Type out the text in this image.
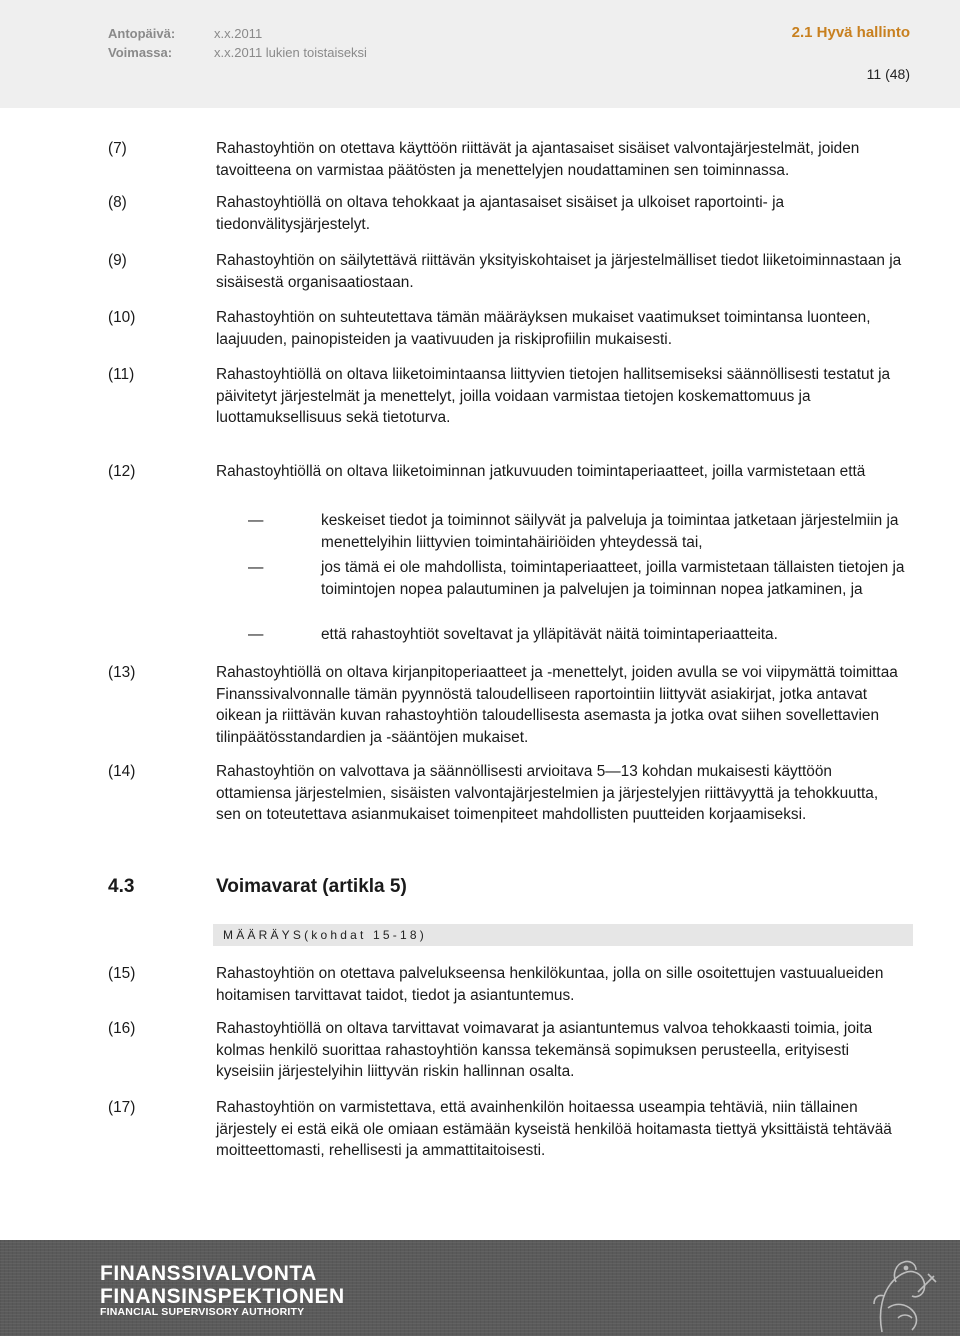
Antopäivä:	x.x.2011
Voimassa:	x.x.2011 lukien toistaiseksi
2.1 Hyvä hallinto
11 (48)
(7)	Rahastoyhtiön on otettava käyttöön riittävät ja ajantasaiset sisäiset valvontajärjestelmät, joiden tavoitteena on varmistaa päätösten ja menettelyjen noudattaminen sen toiminnassa.
(8)	Rahastoyhtiöllä on oltava tehokkaat ja ajantasaiset sisäiset ja ulkoiset raportointi- ja tiedonvälitysjärjestelyt.
(9)	Rahastoyhtiön on säilytettävä riittävän yksityiskohtaiset ja järjestelmälliset tiedot liiketoiminnastaan ja sisäisestä organisaatiostaan.
(10)	Rahastoyhtiön on suhteutettava tämän määräyksen mukaiset vaatimukset toimintansa luonteen, laajuuden, painopisteiden ja vaativuuden ja riskiprofiilin mukaisesti.
(11)	Rahastoyhtiöllä on oltava liiketoimintaansa liittyvien tietojen hallitsemiseksi säännöllisesti testatut ja päivitetyt järjestelmät ja menettelyt, joilla voidaan varmistaa tietojen koskemattomuus ja luottamuksellisuus sekä tietoturva.
(12)	Rahastoyhtiöllä on oltava liiketoiminnan jatkuvuuden toimintaperiaatteet, joilla varmistetaan että
—	keskeiset tiedot ja toiminnot säilyvät ja palveluja ja toimintaa jatketaan järjestelmiin ja menettelyihin liittyvien toimintahäiriöiden yhteydessä tai,
—	jos tämä ei ole mahdollista, toimintaperiaatteet, joilla varmistetaan tällaisten tietojen ja toimintojen nopea palautuminen ja palvelujen ja toiminnan nopea jatkaminen, ja
—	että rahastoyhtiöt soveltavat ja ylläpitävät näitä toimintaperiaatteita.
(13)	Rahastoyhtiöllä on oltava kirjanpitoperiaatteet ja -menettelyt, joiden avulla se voi viipymättä toimittaa Finanssivalvonnalle tämän pyynnöstä taloudelliseen raportointiin liittyvät asiakirjat, jotka antavat oikean ja riittävän kuvan rahastoyhtiön taloudellisesta asemasta ja jotka ovat siihen sovellettavien tilinpäätösstandardien ja -sääntöjen mukaiset.
(14)	Rahastoyhtiön on valvottava ja säännöllisesti arvioitava 5—13 kohdan mukaisesti käyttöön ottamiensa järjestelmien, sisäisten valvontajärjestelmien ja järjestelyjen riittävyyttä ja tehokkuutta, sen on toteutettava asianmukaiset toimenpiteet mahdollisten puutteiden korjaamiseksi.
4.3	Voimavarat (artikla 5)
MÄÄRÄYS(kohdat 15-18)
(15)	Rahastoyhtiön on otettava palvelukseensa henkilökuntaa, jolla on sille osoitettujen vastuualueiden hoitamisen tarvittavat taidot, tiedot ja asiantuntemus.
(16)	Rahastoyhtiöllä on oltava tarvittavat voimavarat ja asiantuntemus valvoa tehokkaasti toimia, joita kolmas henkilö suorittaa rahastoyhtiön kanssa tekemänsä sopimuksen perusteella, erityisesti kyseisiin järjestelyihin liittyvän riskin hallinnan osalta.
(17)	Rahastoyhtiön on varmistettava, että avainhenkilön hoitaessa useampia tehtäviä, niin tällainen järjestely ei estä eikä ole omiaan estämään kyseistä henkilöä hoitamasta tiettyä yksittäistä tehtävää moitteettomasti, rehellisesti ja ammattitaitoisesti.
FINANSSIVALVONTA
FINANSINSPEKTIONEN
FINANCIAL SUPERVISORY AUTHORITY
